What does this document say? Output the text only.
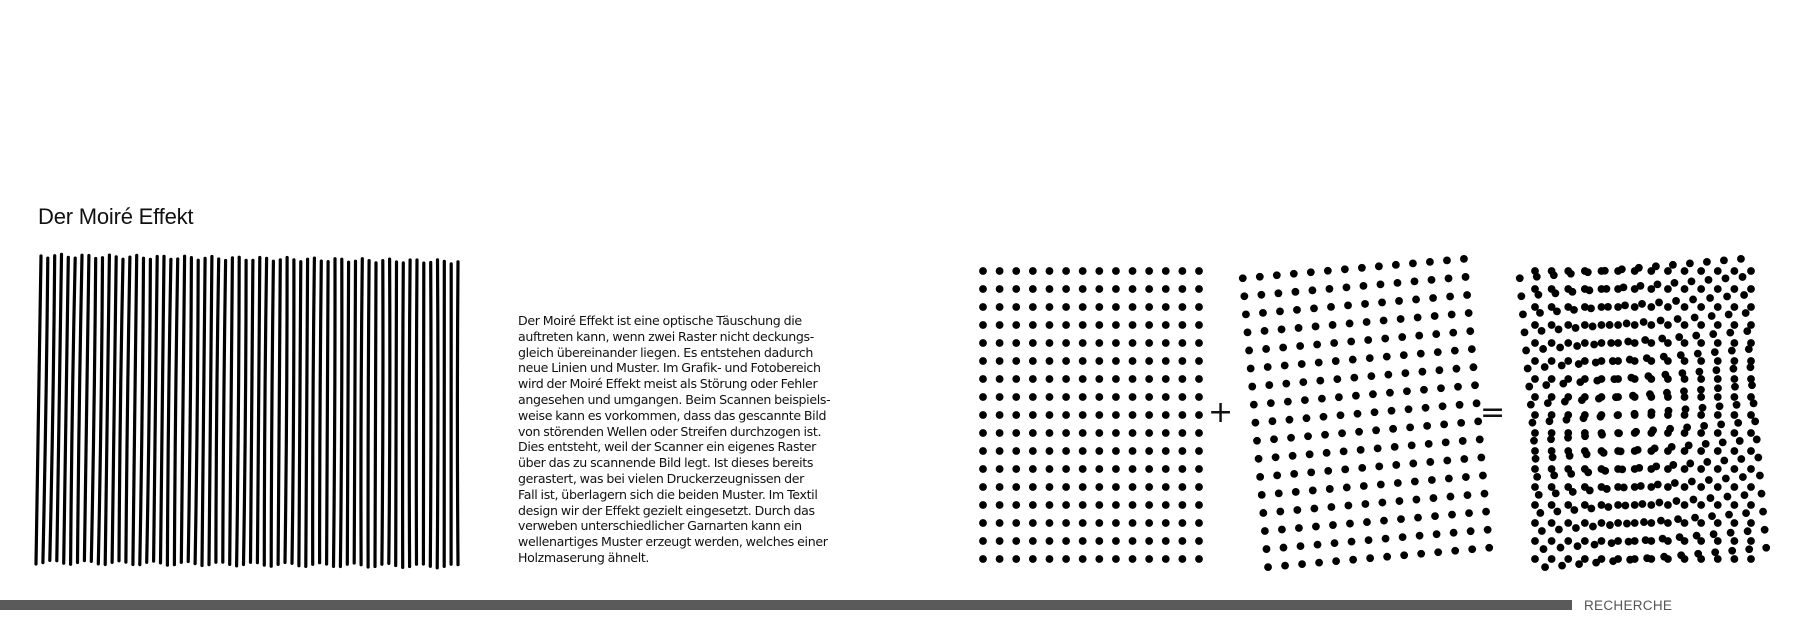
Der Moiré Effekt
Der Moiré Effekt ist eine optische Täuschung die
auftreten kann, wenn zwei Raster nicht deckungs-
gleich übereinander liegen. Es entstehen dadurch
neue Linien und Muster. Im Grafik- und Fotobereich
wird der Moiré Effekt meist als Störung oder Fehler
angesehen und umgangen. Beim Scannen beispiels-
weise kann es vorkommen, dass das gescannte Bild
von störenden Wellen oder Streifen durchzogen ist.
Dies entsteht, weil der Scanner ein eigenes Raster
über das zu scannende Bild legt. Ist dieses bereits
gerastert, was bei vielen Druckerzeugnissen der
Fall ist, überlagern sich die beiden Muster. Im Textil
design wir der Effekt gezielt eingesetzt. Durch das
verweben unterschiedlicher Garnarten kann ein
wellenartiges Muster erzeugt werden, welches einer
Holzmaserung ähnelt.
+	=
RECHERCHE
